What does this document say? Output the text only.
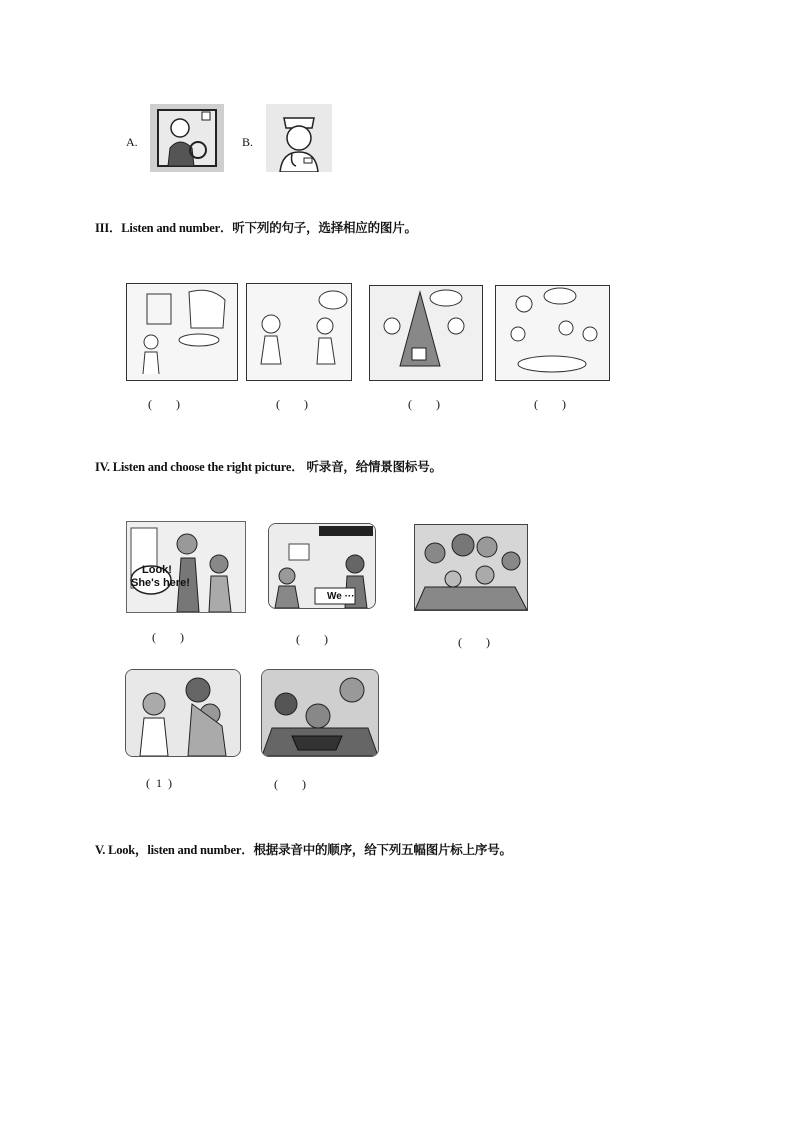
A.	B.
III．Listen and number．听下列的句子，选择相应的图片。
(        )	(        )	(        )	(        )
IV. Listen and choose the right picture． 听录音，给情景图标号。
Look!
She's here!
We ···
(        )	(        )	(        )
(  1  )	(        )
V. Look，listen and number．根据录音中的顺序，给下列五幅图片标上序号。
